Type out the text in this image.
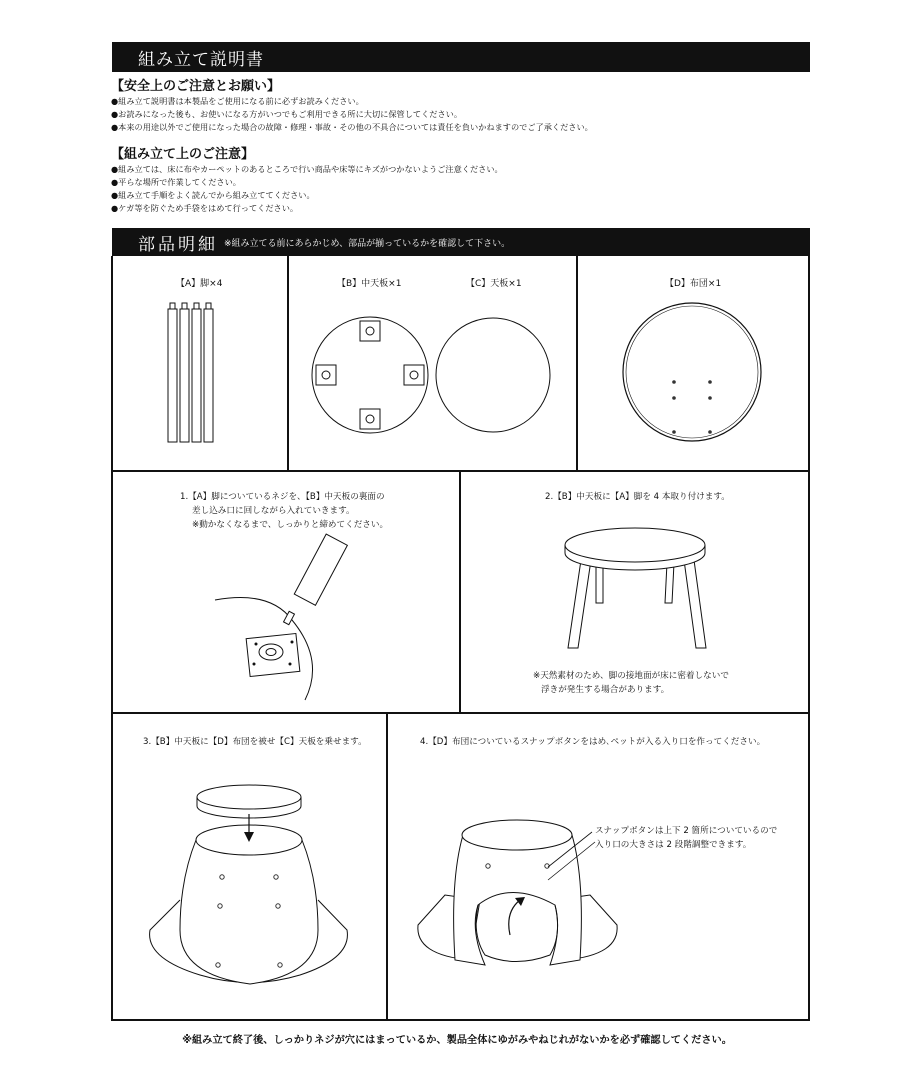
組み立て説明書
【安全上のご注意とお願い】
●組み立て説明書は本製品をご使用になる前に必ずお読みください。
●お読みになった後も、お使いになる方がいつでもご利用できる所に大切に保管してください。
●本来の用途以外でご使用になった場合の故障・修理・事故・その他の不具合については責任を負いかねますのでご了承ください。
【組み立て上のご注意】
●組み立ては、床に布やカーペットのあるところで行い商品や床等にキズがつかないようご注意ください。
●平らな場所で作業してください。
●組み立て手順をよく読んでから組み立ててください。
●ケガ等を防ぐため手袋をはめて行ってください。
部品明細 ※組み立てる前にあらかじめ、部品が揃っているかを確認して下さい。
【A】脚×4	【B】中天板×1	【C】天板×1	【D】布団×1
1.【A】脚についているネジを、【B】中天板の裏面の
差し込み口に回しながら入れていきます。
※動かなくなるまで、しっかりと締めてください。
2.【B】中天板に【A】脚を 4 本取り付けます。
※天然素材のため、脚の接地面が床に密着しないで
浮きが発生する場合があります。
3.【B】中天板に【D】布団を被せ【C】天板を乗せます。	4.【D】布団についているスナップボタンをはめ､ペットが入る入り口を作ってください。
スナップボタンは上下 2 箇所についているので
入り口の大きさは 2 段階調整できます。
※組み立て終了後、しっかりネジが穴にはまっているか、製品全体にゆがみやねじれがないかを必ず確認してください。
